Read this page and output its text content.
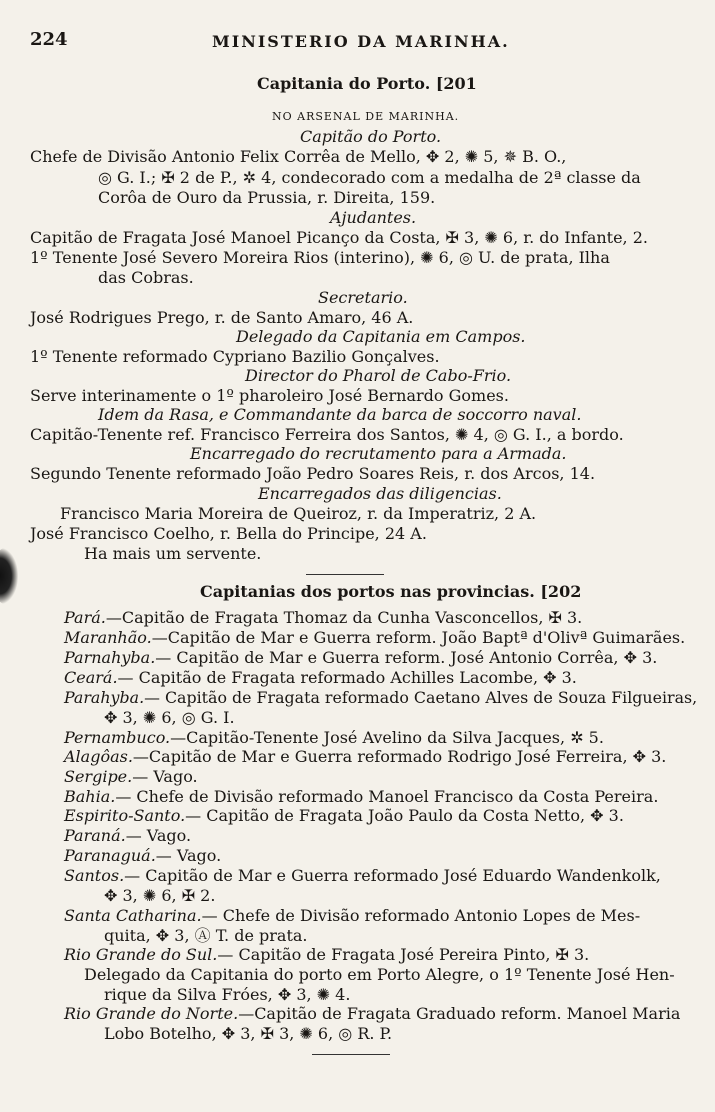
224	MINISTERIO DA MARINHA.
Capitania do Porto. [201
NO ARSENAL DE MARINHA.
Capitão do Porto.
Chefe de Divisão Antonio Felix Corrêa de Mello, ✥ 2, ✺ 5, ✵ B. O.,
◎ G. I.; ✠ 2 de P., ✲ 4, condecorado com a medalha de 2ª classe da
Corôa de Ouro da Prussia, r. Direita, 159.
Ajudantes.
Capitão de Fragata José Manoel Picanço da Costa, ✠ 3, ✺ 6, r. do Infante, 2.
1º Tenente José Severo Moreira Rios (interino), ✺ 6, ◎ U. de prata, Ilha
das Cobras.
Secretario.
José Rodrigues Prego, r. de Santo Amaro, 46 A.
Delegado da Capitania em Campos.
1º Tenente reformado Cypriano Bazilio Gonçalves.
Director do Pharol de Cabo-Frio.
Serve interinamente o 1º pharoleiro José Bernardo Gomes.
Idem da Rasa, e Commandante da barca de soccorro naval.
Capitão-Tenente ref. Francisco Ferreira dos Santos, ✺ 4, ◎ G. I., a bordo.
Encarregado do recrutamento para a Armada.
Segundo Tenente reformado João Pedro Soares Reis, r. dos Arcos, 14.
Encarregados das diligencias.
Francisco Maria Moreira de Queiroz, r. da Imperatriz, 2 A.
José Francisco Coelho, r. Bella do Principe, 24 A.
Ha mais um servente.
Capitanias dos portos nas provincias. [202
Pará.—Capitão de Fragata Thomaz da Cunha Vasconcellos, ✠ 3.
Maranhão.—Capitão de Mar e Guerra reform. João Baptª d'Olivª Guimarães.
Parnahyba.— Capitão de Mar e Guerra reform. José Antonio Corrêa, ✥ 3.
Ceará.— Capitão de Fragata reformado Achilles Lacombe, ✥ 3.
Parahyba.— Capitão de Fragata reformado Caetano Alves de Souza Filgueiras,
✥ 3, ✺ 6, ◎ G. I.
Pernambuco.—Capitão-Tenente José Avelino da Silva Jacques, ✲ 5.
Alagôas.—Capitão de Mar e Guerra reformado Rodrigo José Ferreira, ✥ 3.
Sergipe.— Vago.
Bahia.— Chefe de Divisão reformado Manoel Francisco da Costa Pereira.
Espirito-Santo.— Capitão de Fragata João Paulo da Costa Netto, ✥ 3.
Paraná.— Vago.
Paranaguá.— Vago.
Santos.— Capitão de Mar e Guerra reformado José Eduardo Wandenkolk,
✥ 3, ✺ 6, ✠ 2.
Santa Catharina.— Chefe de Divisão reformado Antonio Lopes de Mes-
quita, ✥ 3, Ⓐ T. de prata.
Rio Grande do Sul.— Capitão de Fragata José Pereira Pinto, ✠ 3.
Delegado da Capitania do porto em Porto Alegre, o 1º Tenente José Hen-
rique da Silva Fróes, ✥ 3, ✺ 4.
Rio Grande do Norte.—Capitão de Fragata Graduado reform. Manoel Maria
Lobo Botelho, ✥ 3, ✠ 3, ✺ 6, ◎ R. P.
